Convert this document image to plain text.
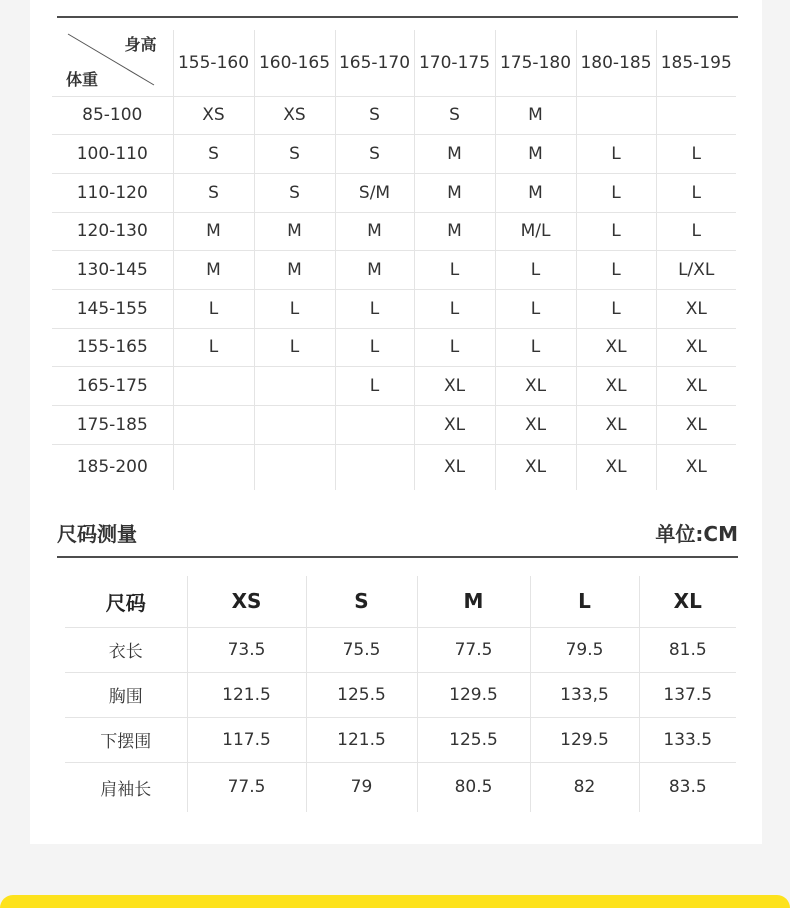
身高
体重	155-160	160-165	165-170	170-175	175-180	180-185	185-195
85-100	XS	XS	S	S	M		
100-110	S	S	S	M	M	L	L
110-120	S	S	S/M	M	M	L	L
120-130	M	M	M	M	M/L	L	L
130-145	M	M	M	L	L	L	L/XL
145-155	L	L	L	L	L	L	XL
155-165	L	L	L	L	L	XL	XL
165-175			L	XL	XL	XL	XL
175-185				XL	XL	XL	XL
185-200				XL	XL	XL	XL
尺码测量	单位:CM
尺码	XS	S	M	L	XL
衣长	73.5	75.5	77.5	79.5	81.5
胸围	121.5	125.5	129.5	133,5	137.5
下摆围	117.5	121.5	125.5	129.5	133.5
肩袖长	77.5	79	80.5	82	83.5
